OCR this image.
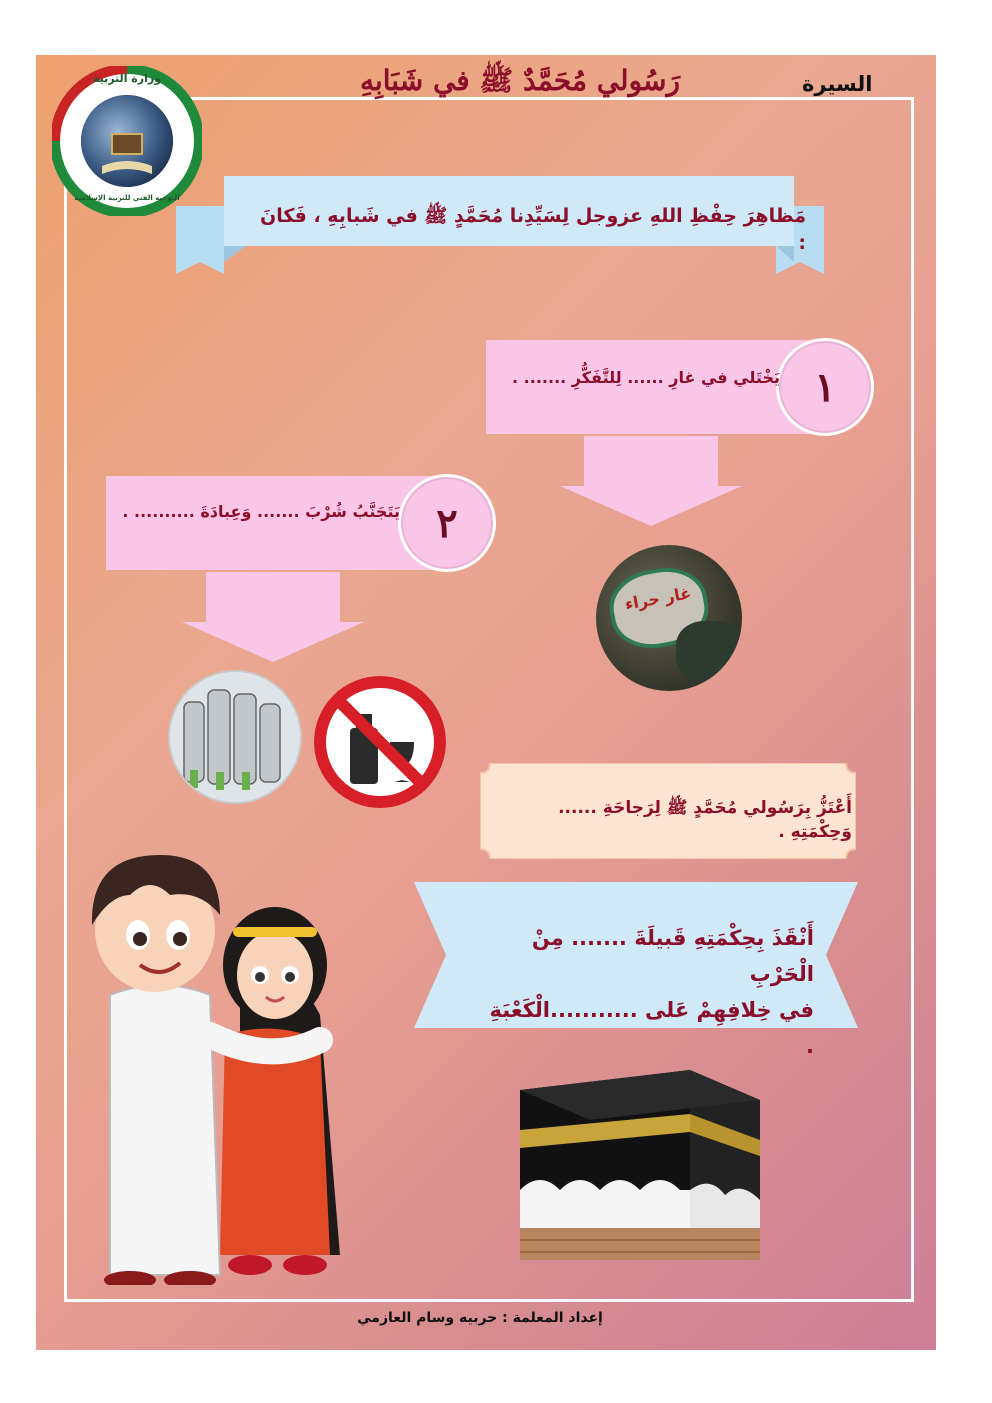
السيرة
رَسُولي مُحَمَّدٌ ﷺ في شَبَابِهِ
وزارة التربية
التوجيه الفني للتربية الإسلامية
مَظاهِرَ حِفْظِ اللهِ عزوجل لِسَيِّدِنا مُحَمَّدٍ ﷺ في شَبابِهِ ، فَكانَ :
١
يَخْتَلي في غارِ ...... لِلتَّفَكُّرِ ....... .
غار حراء
٢
يَتَجَنَّبُ شُرْبَ ....... وَعِبادَةَ .......... .
أَعْتَزُّ بِرَسُولي مُحَمَّدٍ ﷺ لِرَجاحَةِ ...... وَحِكْمَتِهِ .
أَنْقَذَ بِحِكْمَتِهِ قَبيلَةَ ....... مِنْ الْحَرْبِ
في خِلافِهِمْ عَلى ...........الْكَعْبَةِ .
إعداد المعلمة : حربيه وسام العازمي
